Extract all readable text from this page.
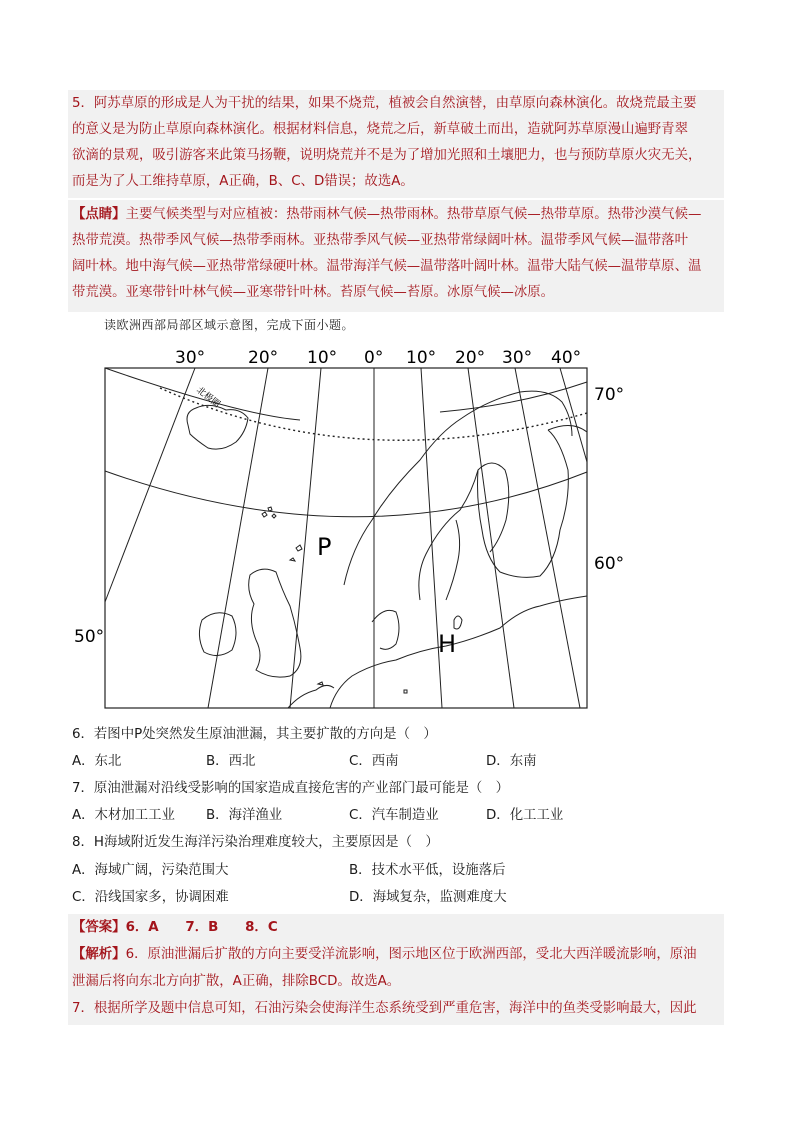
5．阿苏草原的形成是人为干扰的结果，如果不烧荒，植被会自然演替，由草原向森林演化。故烧荒最主要
的意义是为防止草原向森林演化。根据材料信息，烧荒之后，新草破土而出，造就阿苏草原漫山遍野青翠
欲滴的景观，吸引游客来此策马扬鞭，说明烧荒并不是为了增加光照和土壤肥力，也与预防草原火灾无关，
而是为了人工维持草原，A正确，B、C、D错误；故选A。
【点睛】主要气候类型与对应植被：热带雨林气候—热带雨林。热带草原气候—热带草原。热带沙漠气候—
热带荒漠。热带季风气候—热带季雨林。亚热带季风气候—亚热带常绿阔叶林。温带季风气候—温带落叶
阔叶林。地中海气候—亚热带常绿硬叶林。温带海洋气候—温带落叶阔叶林。温带大陆气候—温带草原、温
带荒漠。亚寒带针叶林气候—亚寒带针叶林。苔原气候—苔原。冰原气候—冰原。
读欧洲西部局部区域示意图，完成下面小题。
30°	20° 10° 0° 10° 20° 30° 40°
70°
60°
50°
北极圈
P
H
6．若图中P处突然发生原油泄漏，其主要扩散的方向是（　）
A．东北	B．西北	C．西南	D．东南
7．原油泄漏对沿线受影响的国家造成直接危害的产业部门最可能是（　）
A．木材加工工业 B．海洋渔业	C．汽车制造业	D．化工工业
8．H海域附近发生海洋污染治理难度较大，主要原因是（　）
A．海域广阔，污染范围大	B．技术水平低，设施落后
C．沿线国家多，协调困难	D．海域复杂，监测难度大
【答案】6．A　　7．B　　8．C
【解析】6．原油泄漏后扩散的方向主要受洋流影响，图示地区位于欧洲西部，受北大西洋暖流影响，原油
泄漏后将向东北方向扩散，A正确，排除BCD。故选A。
7．根据所学及题中信息可知，石油污染会使海洋生态系统受到严重危害，海洋中的鱼类受影响最大，因此
